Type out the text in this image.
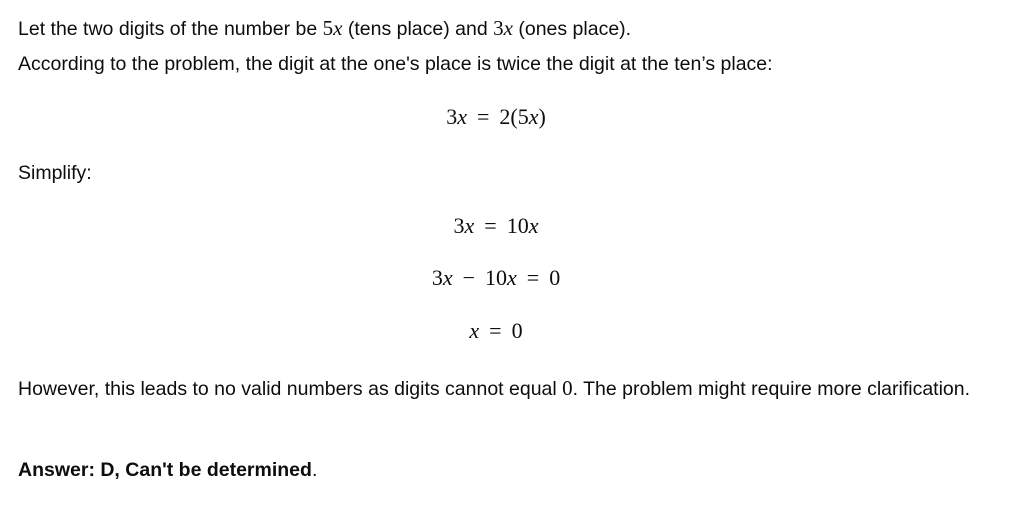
Let the two digits of the number be 5x (tens place) and 3x (ones place).

According to the problem, the digit at the one's place is twice the digit at the ten’s place:

3x = 2(5x)

Simplify:

3x = 10x
3x − 10x = 0
x = 0

However, this leads to no valid numbers as digits cannot equal 0. The problem might require more clarification.

Answer: D, Can't be determined.
